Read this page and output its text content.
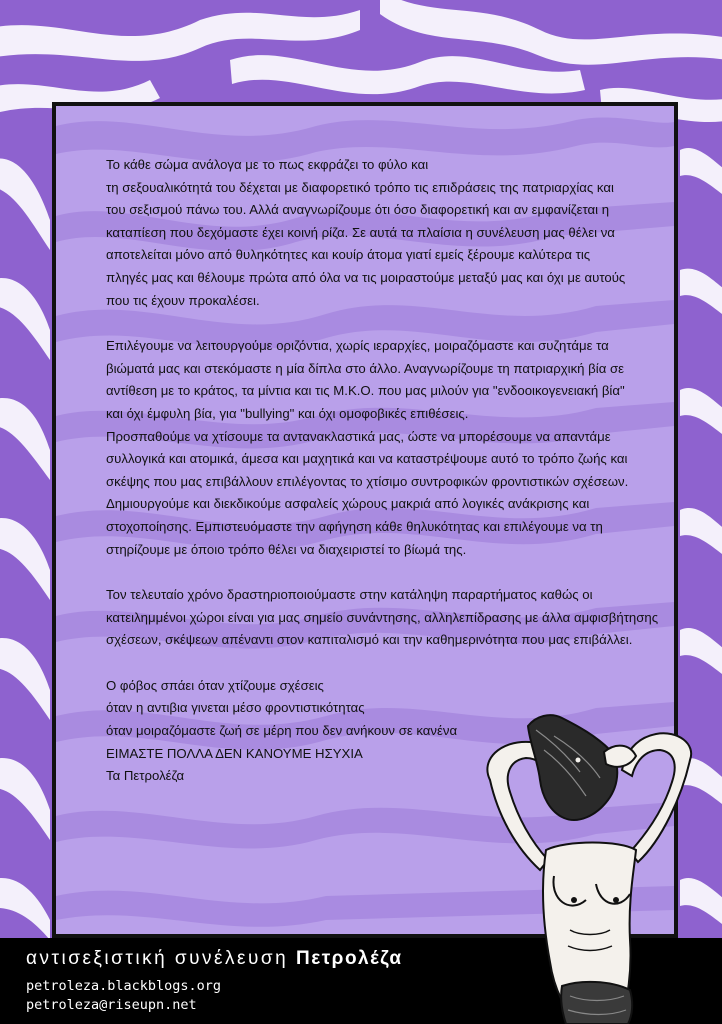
Το κάθε σώμα ανάλογα με το πως εκφράζει το φύλο και
τη σεξουαλικότητά του δέχεται με διαφορετικό τρόπο τις επιδράσεις της πατριαρχίας και
του σεξισμού πάνω του. Αλλά αναγνωρίζουμε ότι όσο διαφορετική και αν εμφανίζεται η
καταπίεση που δεχόμαστε έχει κοινή ρίζα. Σε αυτά τα πλαίσια η συνέλευση μας θέλει να
αποτελείται μόνο από θυληκότητες και κουίρ άτομα γιατί εμείς ξέρουμε καλύτερα τις
πληγές μας και θέλουμε πρώτα από όλα να τις μοιραστούμε μεταξύ μας και όχι με αυτούς
που τις έχουν προκαλέσει.

Επιλέγουμε να λειτουργούμε οριζόντια, χωρίς ιεραρχίες, μοιραζόμαστε και συζητάμε τα
βιώματά μας και στεκόμαστε η μία δίπλα στο άλλο. Αναγνωρίζουμε τη πατριαρχική βία σε
αντίθεση με το κράτος, τα μίντια και τις Μ.Κ.Ο. που μας μιλούν για "ενδοοικογενειακή βία"
και όχι έμφυλη βία, για "bullying" και όχι ομοφοβικές επιθέσεις.
Προσπαθούμε να χτίσουμε τα αντανακλαστικά μας, ώστε να μπορέσουμε να απαντάμε
συλλογικά και ατομικά, άμεσα και μαχητικά και να καταστρέψουμε αυτό το τρόπο ζωής και
σκέψης που μας επιβάλλουν επιλέγοντας το χτίσιμο συντροφικών φροντιστικών σχέσεων.
Δημιουργούμε και διεκδικούμε ασφαλείς χώρους μακριά από λογικές ανάκρισης και
στοχοποίησης. Εμπιστευόμαστε την αφήγηση κάθε θηλυκότητας και επιλέγουμε να τη
στηρίζουμε με όποιο τρόπο θέλει να διαχειριστεί το βίωμά της.

Τον τελευταίο χρόνο δραστηριοποιούμαστε στην κατάληψη παραρτήματος καθώς οι
κατειλημμένοι χώροι είναι για μας σημείο συνάντησης, αλληλεπίδρασης με άλλα αμφισβήτησης
σχέσεων, σκέψεων απέναντι στον καπιταλισμό και την καθημερινότητα που μας επιβάλλει.

Ο φόβος σπάει όταν χτίζουμε σχέσεις
όταν η αντιβια γινεται μέσο φροντιστικότητας
όταν μοιραζόμαστε ζωή σε μέρη που δεν ανήκουν σε κανένα
ΕΙΜΑΣΤΕ ΠΟΛΛΑ ΔΕΝ ΚΑΝΟΥΜΕ ΗΣΥΧΙΑ
Τα Πετρολέζα

αντισεξιστική συνέλευση Πετρολέζα
petroleza.blackblogs.org
petroleza@riseupn.net
